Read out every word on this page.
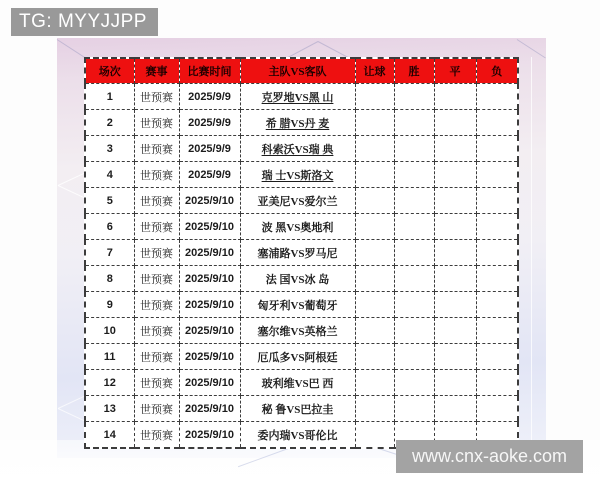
TG: MYYJJPP
场次	赛事	比赛时间	主队VS客队	让球	胜	平	负
1	世预赛	2025/9/9	克罗地VS黑 山				
2	世预赛	2025/9/9	希 腊VS丹 麦				
3	世预赛	2025/9/9	科索沃VS瑞 典				
4	世预赛	2025/9/9	瑞 士VS斯洛文				
5	世预赛	2025/9/10	亚美尼VS爱尔兰				
6	世预赛	2025/9/10	波 黑VS奥地利				
7	世预赛	2025/9/10	塞浦路VS罗马尼				
8	世预赛	2025/9/10	法 国VS冰 岛				
9	世预赛	2025/9/10	匈牙利VS葡萄牙				
10	世预赛	2025/9/10	塞尔维VS英格兰				
11	世预赛	2025/9/10	厄瓜多VS阿根廷				
12	世预赛	2025/9/10	玻利维VS巴 西				
13	世预赛	2025/9/10	秘 鲁VS巴拉圭				
14	世预赛	2025/9/10	委内瑞VS哥伦比				
www.cnx-aoke.com
